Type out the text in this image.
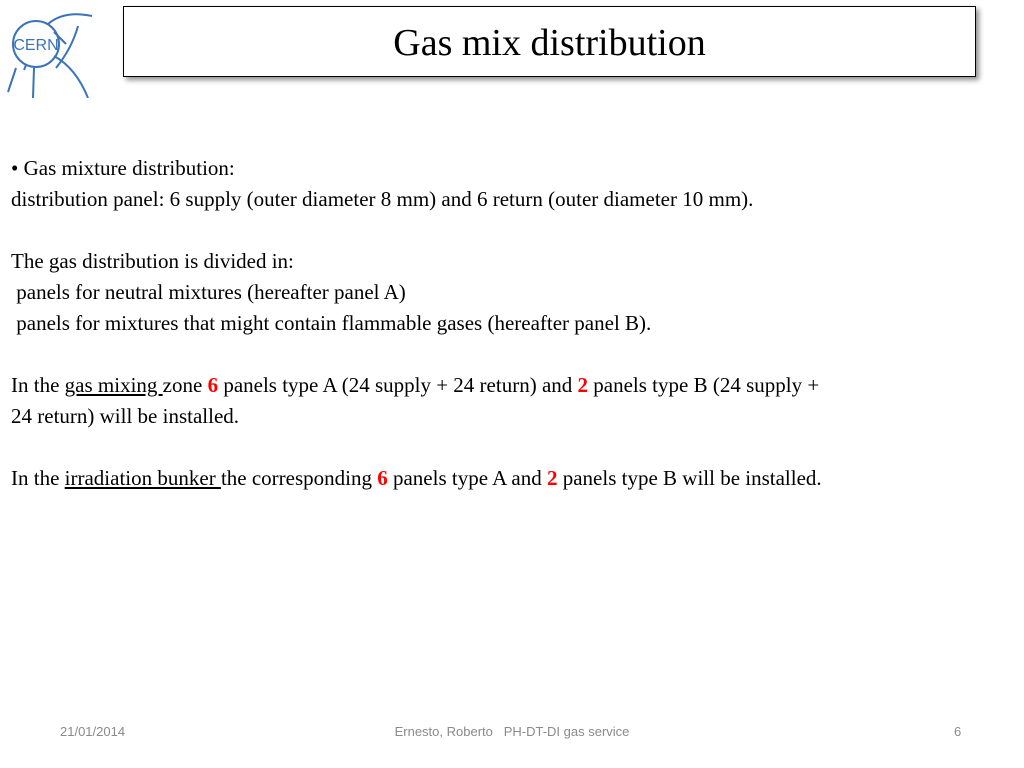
CERN	Gas mix distribution
• Gas mixture distribution:
distribution panel: 6 supply (outer diameter 8 mm) and 6 return (outer diameter 10 mm).
The gas distribution is divided in:
panels for neutral mixtures (hereafter panel A)
panels for mixtures that might contain flammable gases (hereafter panel B).
In the gas mixing zone 6 panels type A (24 supply + 24 return) and 2 panels type B (24 supply +
24 return) will be installed.
In the irradiation bunker the corresponding 6 panels type A and 2 panels type B will be installed.
21/01/2014	Ernesto, Roberto   PH-DT-DI gas service	6
